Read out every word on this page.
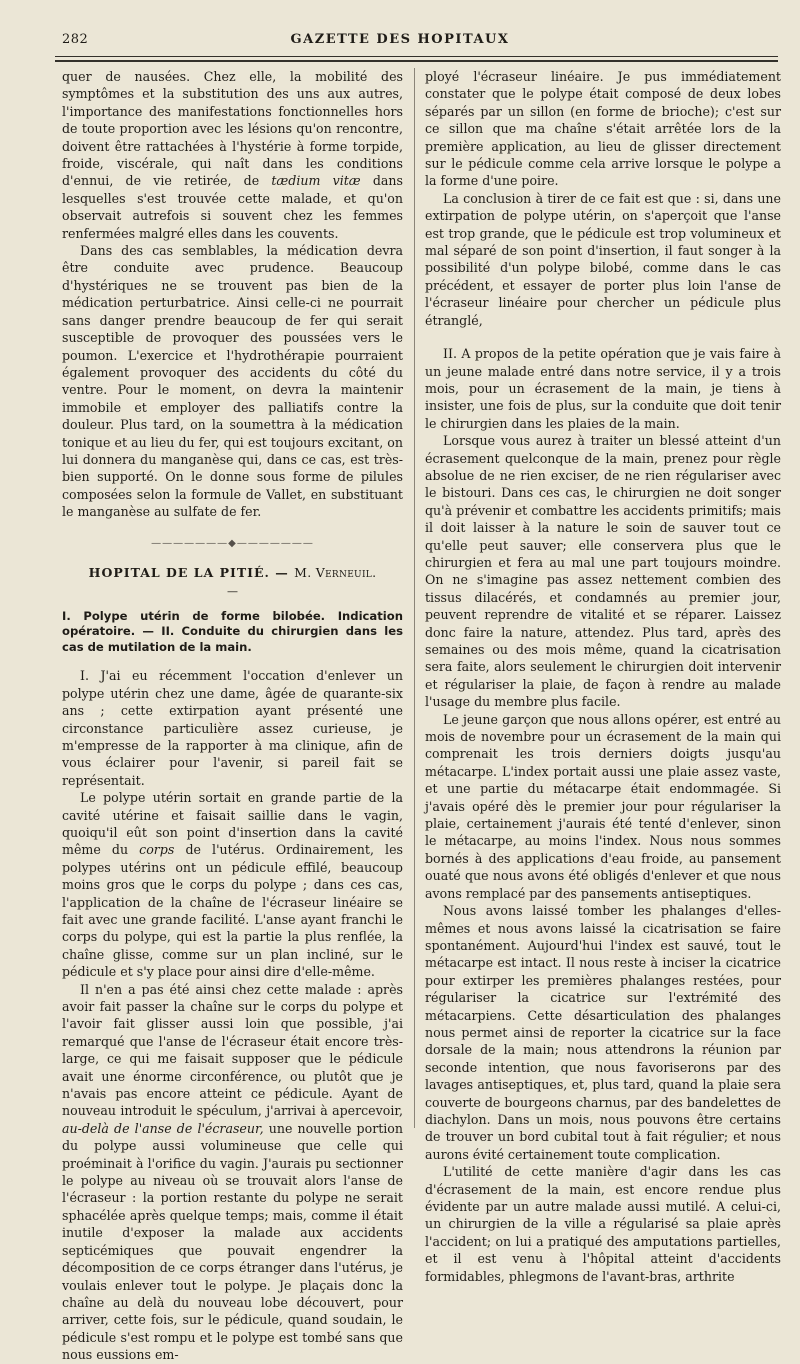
282	GAZETTE DES HOPITAUX

quer de nausées. Chez elle, la mobilité des symptômes et la substitution des uns aux autres, l'importance des manifestations fonctionnelles hors de toute proportion avec les lésions qu'on rencontre, doivent être rattachées à l'hystérie à forme torpide, froide, viscérale, qui naît dans les conditions d'ennui, de vie retirée, de tædium vitæ dans lesquelles s'est trouvée cette malade, et qu'on observait autrefois si souvent chez les femmes renfermées malgré elles dans les couvents.

Dans des cas semblables, la médication devra être conduite avec prudence. Beaucoup d'hystériques ne se trouvent pas bien de la médication perturbatrice. Ainsi celle-ci ne pourrait sans danger prendre beaucoup de fer qui serait susceptible de provoquer des poussées vers le poumon. L'exercice et l'hydrothérapie pourraient également provoquer des accidents du côté du ventre. Pour le moment, on devra la maintenir immobile et employer des palliatifs contre la douleur. Plus tard, on la soumettra à la médication tonique et au lieu du fer, qui est toujours excitant, on lui donnera du manganèse qui, dans ce cas, est très-bien supporté. On le donne sous forme de pilules composées selon la formule de Vallet, en substituant le manganèse au sulfate de fer.

———————◆———————
HOPITAL DE LA PITIÉ. — M. Verneuil.
—
I. Polype utérin de forme bilobée. Indication opératoire. — II. Conduite du chirurgien dans les cas de mutilation de la main.

I. J'ai eu récemment l'occation d'enlever un polype utérin chez une dame, âgée de quarante-six ans ; cette extirpation ayant présenté une circonstance particulière assez curieuse, je m'empresse de la rapporter à ma clinique, afin de vous éclairer pour l'avenir, si pareil fait se représentait.

Le polype utérin sortait en grande partie de la cavité utérine et faisait saillie dans le vagin, quoiqu'il eût son point d'insertion dans la cavité même du corps de l'utérus. Ordinairement, les polypes utérins ont un pédicule effilé, beaucoup moins gros que le corps du polype ; dans ces cas, l'application de la chaîne de l'écraseur linéaire se fait avec une grande facilité. L'anse ayant franchi le corps du polype, qui est la partie la plus renflée, la chaîne glisse, comme sur un plan incliné, sur le pédicule et s'y place pour ainsi dire d'elle-même.

Il n'en a pas été ainsi chez cette malade : après avoir fait passer la chaîne sur le corps du polype et l'avoir fait glisser aussi loin que possible, j'ai remarqué que l'anse de l'écraseur était encore très-large, ce qui me faisait supposer que le pédicule avait une énorme circonférence, ou plutôt que je n'avais pas encore atteint ce pédicule. Ayant de nouveau introduit le spéculum, j'arrivai à apercevoir, au-delà de l'anse de l'écraseur, une nouvelle portion du polype aussi volumineuse que celle qui proéminait à l'orifice du vagin. J'aurais pu sectionner le polype au niveau où se trouvait alors l'anse de l'écraseur : la portion restante du polype ne serait sphacélée après quelque temps; mais, comme il était inutile d'exposer la malade aux accidents septicémiques que pouvait engendrer la décomposition de ce corps étranger dans l'utérus, je voulais enlever tout le polype. Je plaçais donc la chaîne au delà du nouveau lobe découvert, pour arriver, cette fois, sur le pédicule, quand soudain, le pédicule s'est rompu et le polype est tombé sans que nous eussions em-

ployé l'écraseur linéaire. Je pus immédiatement constater que le polype était composé de deux lobes séparés par un sillon (en forme de brioche); c'est sur ce sillon que ma chaîne s'était arrêtée lors de la première application, au lieu de glisser directement sur le pédicule comme cela arrive lorsque le polype a la forme d'une poire.

La conclusion à tirer de ce fait est que : si, dans une extirpation de polype utérin, on s'aperçoit que l'anse est trop grande, que le pédicule est trop volumineux et mal séparé de son point d'insertion, il faut songer à la possibilité d'un polype bilobé, comme dans le cas précédent, et essayer de porter plus loin l'anse de l'écraseur linéaire pour chercher un pédicule plus étranglé,

II. A propos de la petite opération que je vais faire à un jeune malade entré dans notre service, il y a trois mois, pour un écrasement de la main, je tiens à insister, une fois de plus, sur la conduite que doit tenir le chirurgien dans les plaies de la main.

Lorsque vous aurez à traiter un blessé atteint d'un écrasement quelconque de la main, prenez pour règle absolue de ne rien exciser, de ne rien régulariser avec le bistouri. Dans ces cas, le chirurgien ne doit songer qu'à prévenir et combattre les accidents primitifs; mais il doit laisser à la nature le soin de sauver tout ce qu'elle peut sauver; elle conservera plus que le chirurgien et fera au mal une part toujours moindre. On ne s'imagine pas assez nettement combien des tissus dilacérés, et condamnés au premier jour, peuvent reprendre de vitalité et se réparer. Laissez donc faire la nature, attendez. Plus tard, après des semaines ou des mois même, quand la cicatrisation sera faite, alors seulement le chirurgien doit intervenir et régulariser la plaie, de façon à rendre au malade l'usage du membre plus facile.

Le jeune garçon que nous allons opérer, est entré au mois de novembre pour un écrasement de la main qui comprenait les trois derniers doigts jusqu'au métacarpe. L'index portait aussi une plaie assez vaste, et une partie du métacarpe était endommagée. Si j'avais opéré dès le premier jour pour régulariser la plaie, certainement j'aurais été tenté d'enlever, sinon le métacarpe, au moins l'index. Nous nous sommes bornés à des applications d'eau froide, au pansement ouaté que nous avons été obligés d'enlever et que nous avons remplacé par des pansements antiseptiques.

Nous avons laissé tomber les phalanges d'elles-mêmes et nous avons laissé la cicatrisation se faire spontanément. Aujourd'hui l'index est sauvé, tout le métacarpe est intact. Il nous reste à inciser la cicatrice pour extirper les premières phalanges restées, pour régulariser la cicatrice sur l'extrémité des métacarpiens. Cette désarticulation des phalanges nous permet ainsi de reporter la cicatrice sur la face dorsale de la main; nous attendrons la réunion par seconde intention, que nous favoriserons par des lavages antiseptiques, et, plus tard, quand la plaie sera couverte de bourgeons charnus, par des bandelettes de diachylon. Dans un mois, nous pouvons être certains de trouver un bord cubital tout à fait régulier; et nous aurons évité certainement toute complication.

L'utilité de cette manière d'agir dans les cas d'écrasement de la main, est encore rendue plus évidente par un autre malade aussi mutilé. A celui-ci, un chirurgien de la ville a régularisé sa plaie après l'accident; on lui a pratiqué des amputations partielles, et il est venu à l'hôpital atteint d'accidents formidables, phlegmons de l'avant-bras, arthrite
